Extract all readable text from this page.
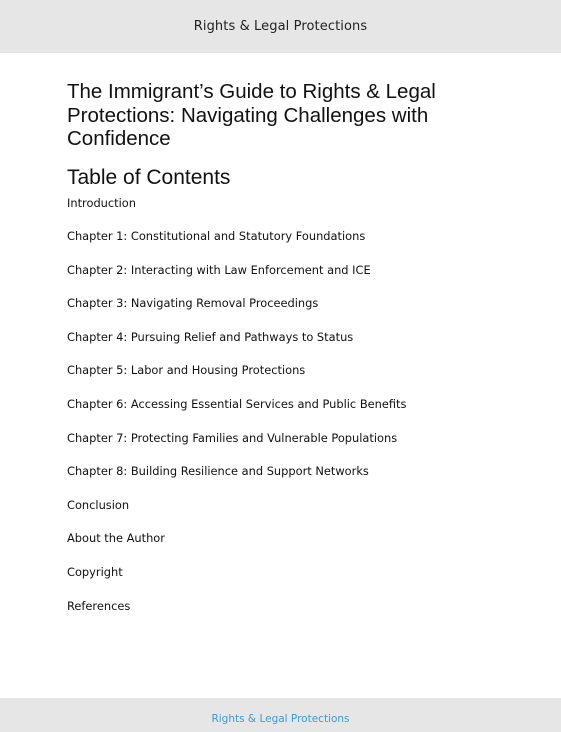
Rights & Legal Protections
The Immigrant’s Guide to Rights & Legal Protections: Navigating Challenges with Confidence
Table of Contents
Introduction
Chapter 1: Constitutional and Statutory Foundations
Chapter 2: Interacting with Law Enforcement and ICE
Chapter 3: Navigating Removal Proceedings
Chapter 4: Pursuing Relief and Pathways to Status
Chapter 5: Labor and Housing Protections
Chapter 6: Accessing Essential Services and Public Benefits
Chapter 7: Protecting Families and Vulnerable Populations
Chapter 8: Building Resilience and Support Networks
Conclusion
About the Author
Copyright
References
Rights & Legal Protections
